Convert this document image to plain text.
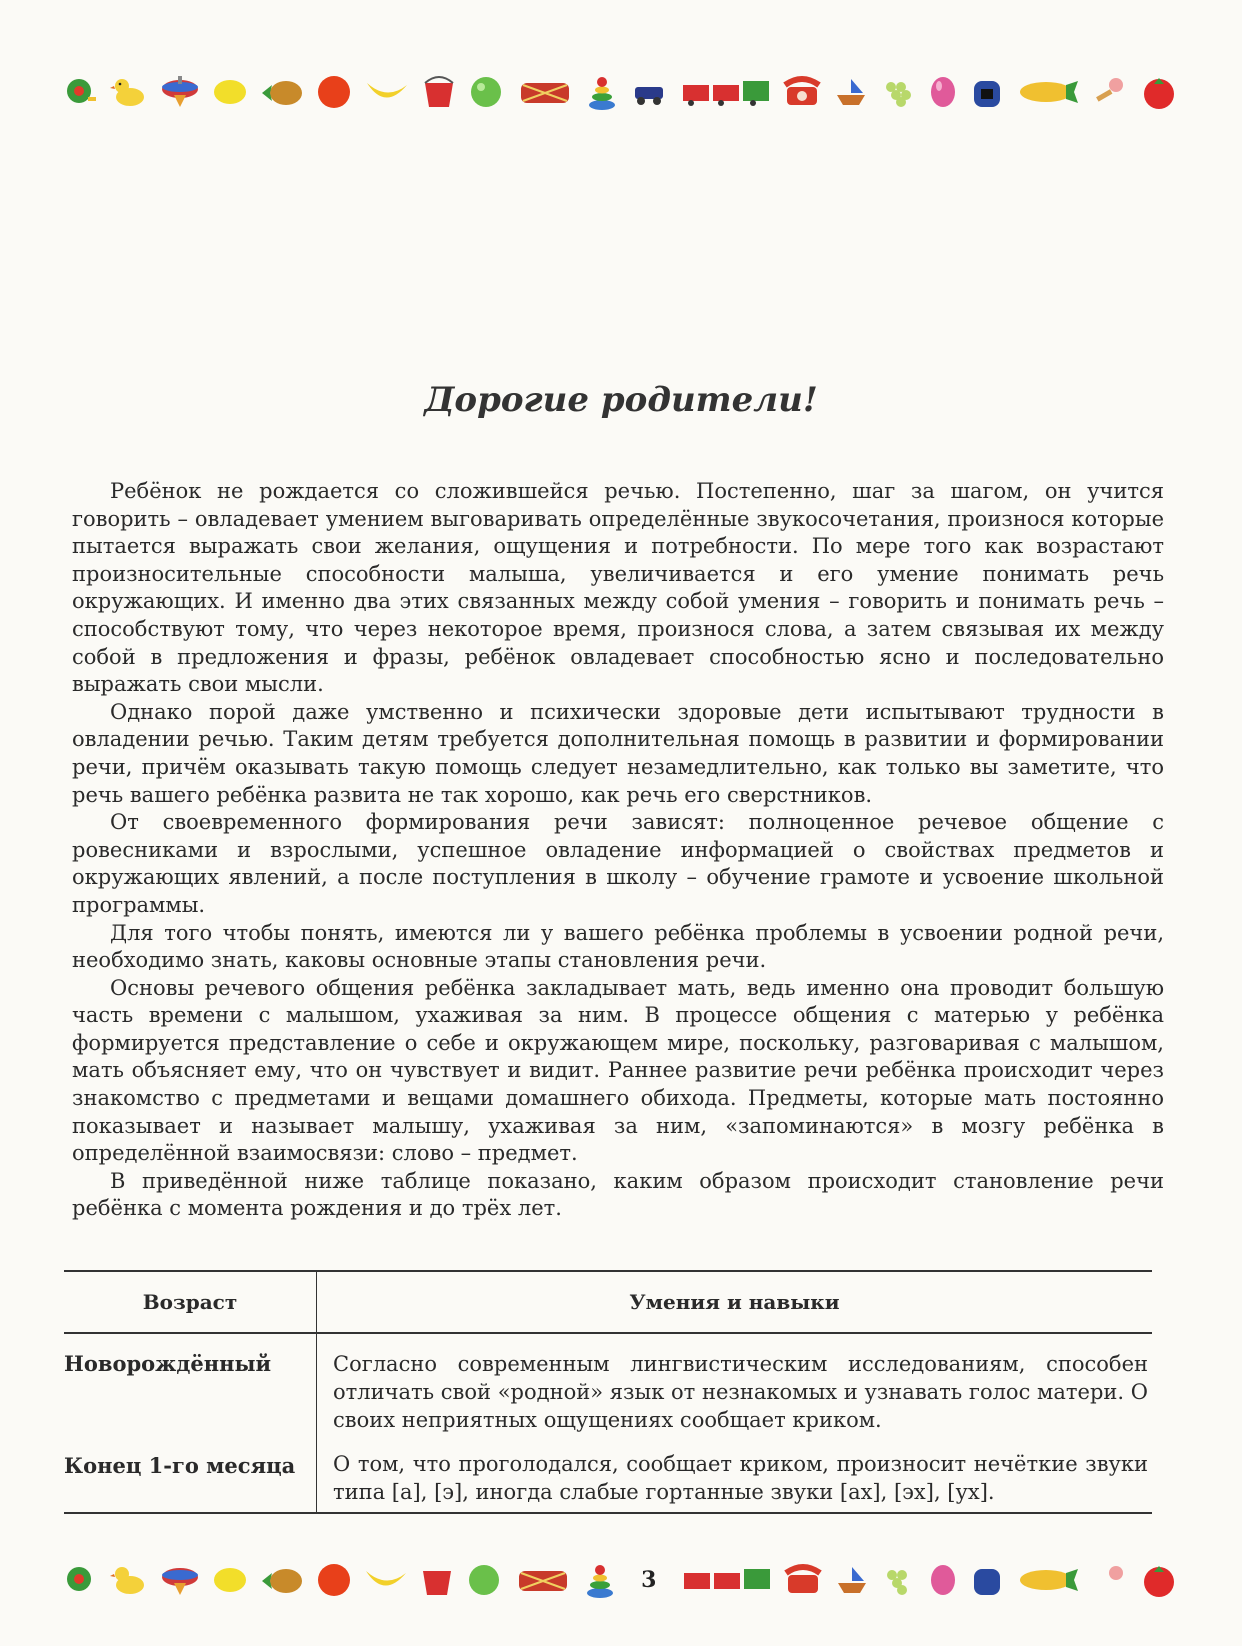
Дорогие родители!

Ребёнок не рождается со сложившейся речью. Постепенно, шаг за шагом, он учится говорить – овладевает умением выговаривать определённые звукосочетания, произнося которые пытается выражать свои желания, ощущения и потребности. По мере того как возрастают произносительные способности малыша, увеличивается и его умение понимать речь окружающих. И именно два этих связанных между собой умения – говорить и понимать речь – способствуют тому, что через некоторое время, произнося слова, а затем связывая их между собой в предложения и фразы, ребёнок овладевает способностью ясно и последовательно выражать свои мысли.

Однако порой даже умственно и психически здоровые дети испытывают трудности в овладении речью. Таким детям требуется дополнительная помощь в развитии и формировании речи, причём оказывать такую помощь следует незамедлительно, как только вы заметите, что речь вашего ребёнка развита не так хорошо, как речь его сверстников.

От своевременного формирования речи зависят: полноценное речевое общение с ровесниками и взрослыми, успешное овладение информацией о свойствах предметов и окружающих явлений, а после поступления в школу – обучение грамоте и усвоение школьной программы.

Для того чтобы понять, имеются ли у вашего ребёнка проблемы в усвоении родной речи, необходимо знать, каковы основные этапы становления речи.

Основы речевого общения ребёнка закладывает мать, ведь именно она проводит большую часть времени с малышом, ухаживая за ним. В процессе общения с матерью у ребёнка формируется представление о себе и окружающем мире, поскольку, разговаривая с малышом, мать объясняет ему, что он чувствует и видит. Раннее развитие речи ребёнка происходит через знакомство с предметами и вещами домашнего обихода. Предметы, которые мать постоянно показывает и называет малышу, ухаживая за ним, «запоминаются» в мозгу ребёнка в определённой взаимосвязи: слово – предмет.

В приведённой ниже таблице показано, каким образом происходит становление речи ребёнка с момента рождения и до трёх лет.

Возраст	Умения и навыки
Новорождённый	Согласно современным лингвистическим исследованиям, способен отличать свой «родной» язык от незнакомых и узнавать голос матери. О своих неприятных ощущениях сообщает криком.
Конец 1-го месяца	О том, что проголодался, сообщает криком, произносит нечёткие звуки типа [а], [э], иногда слабые гортанные звуки [ах], [эх], [ух].
3
